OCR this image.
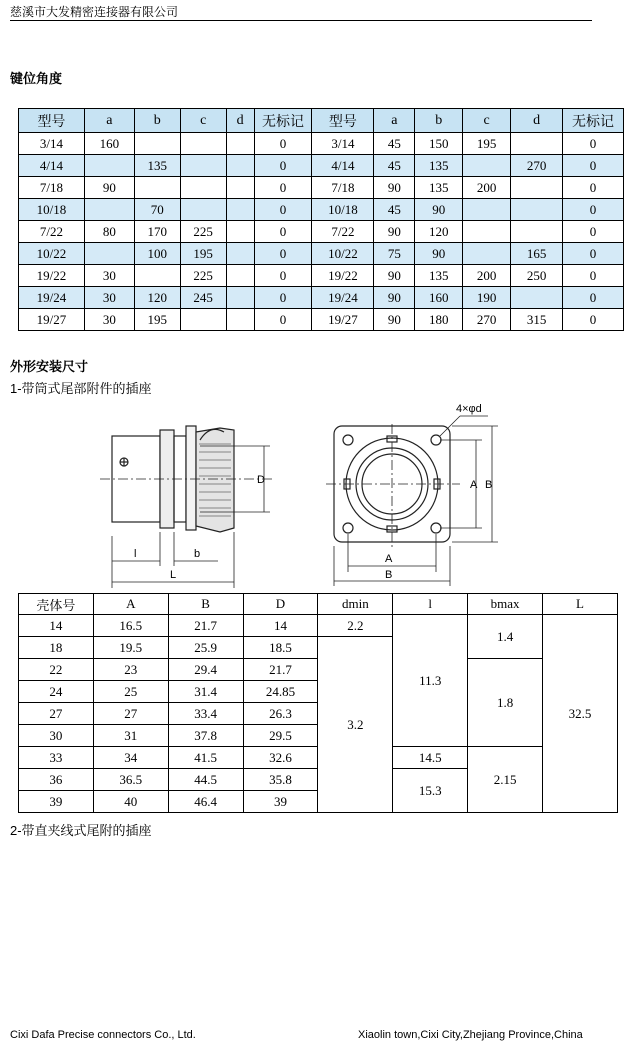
慈溪市大发精密连接器有限公司
键位角度
型号	a	b	c	d	无标记	型号	a	b	c	d	无标记
3/14	160				0	3/14	45	150	195		0
4/14		135			0	4/14	45	135		270	0
7/18	90				0	7/18	90	135	200		0
10/18		70			0	10/18	45	90			0
7/22	80	170	225		0	7/22	90	120			0
10/22		100	195		0	10/22	75	90		165	0
19/22	30		225		0	19/22	90	135	200	250	0
19/24	30	120	245		0	19/24	90	160	190		0
19/27	30	195			0	19/27	90	180	270	315	0
外形安装尺寸
1-带筒式尾部附件的插座
D
l	b
L
4×φd
A B
A
B
壳体号	A	B	D	dmin	l	bmax	L
14	16.5	21.7	14	2.2	11.3	1.4	32.5
18	19.5	25.9	18.5	3.2			
22	23	29.4	21.7			1.8	
24	25	31.4	24.85				
27	27	33.4	26.3				
30	31	37.8	29.5				
33	34	41.5	32.6		14.5	2.15	
36	36.5	44.5	35.8		15.3		
39	40	46.4	39				
2-带直夹线式尾附的插座
Cixi Dafa Precise connectors Co., Ltd.	Xiaolin town,Cixi City,Zhejiang Province,China
